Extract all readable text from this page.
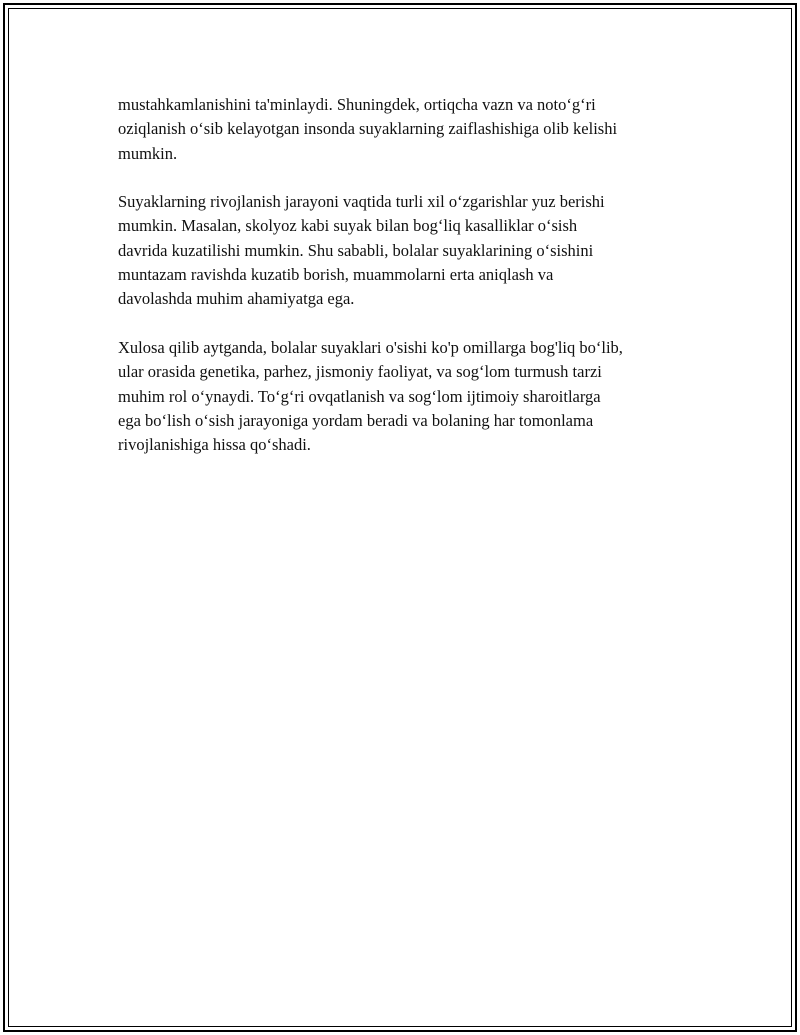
mustahkamlanishini ta'minlaydi. Shuningdek, ortiqcha vazn va noto‘g‘ri
oziqlanish o‘sib kelayotgan insonda suyaklarning zaiflashishiga olib kelishi
mumkin.

Suyaklarning rivojlanish jarayoni vaqtida turli xil o‘zgarishlar yuz berishi
mumkin. Masalan, skolyoz kabi suyak bilan bog‘liq kasalliklar o‘sish
davrida kuzatilishi mumkin. Shu sababli, bolalar suyaklarining o‘sishini
muntazam ravishda kuzatib borish, muammolarni erta aniqlash va
davolashda muhim ahamiyatga ega.

Xulosa qilib aytganda, bolalar suyaklari o'sishi ko'p omillarga bog'liq bo‘lib,
ular orasida genetika, parhez, jismoniy faoliyat, va sog‘lom turmush tarzi
muhim rol o‘ynaydi. To‘g‘ri ovqatlanish va sog‘lom ijtimoiy sharoitlarga
ega bo‘lish o‘sish jarayoniga yordam beradi va bolaning har tomonlama
rivojlanishiga hissa qo‘shadi.
